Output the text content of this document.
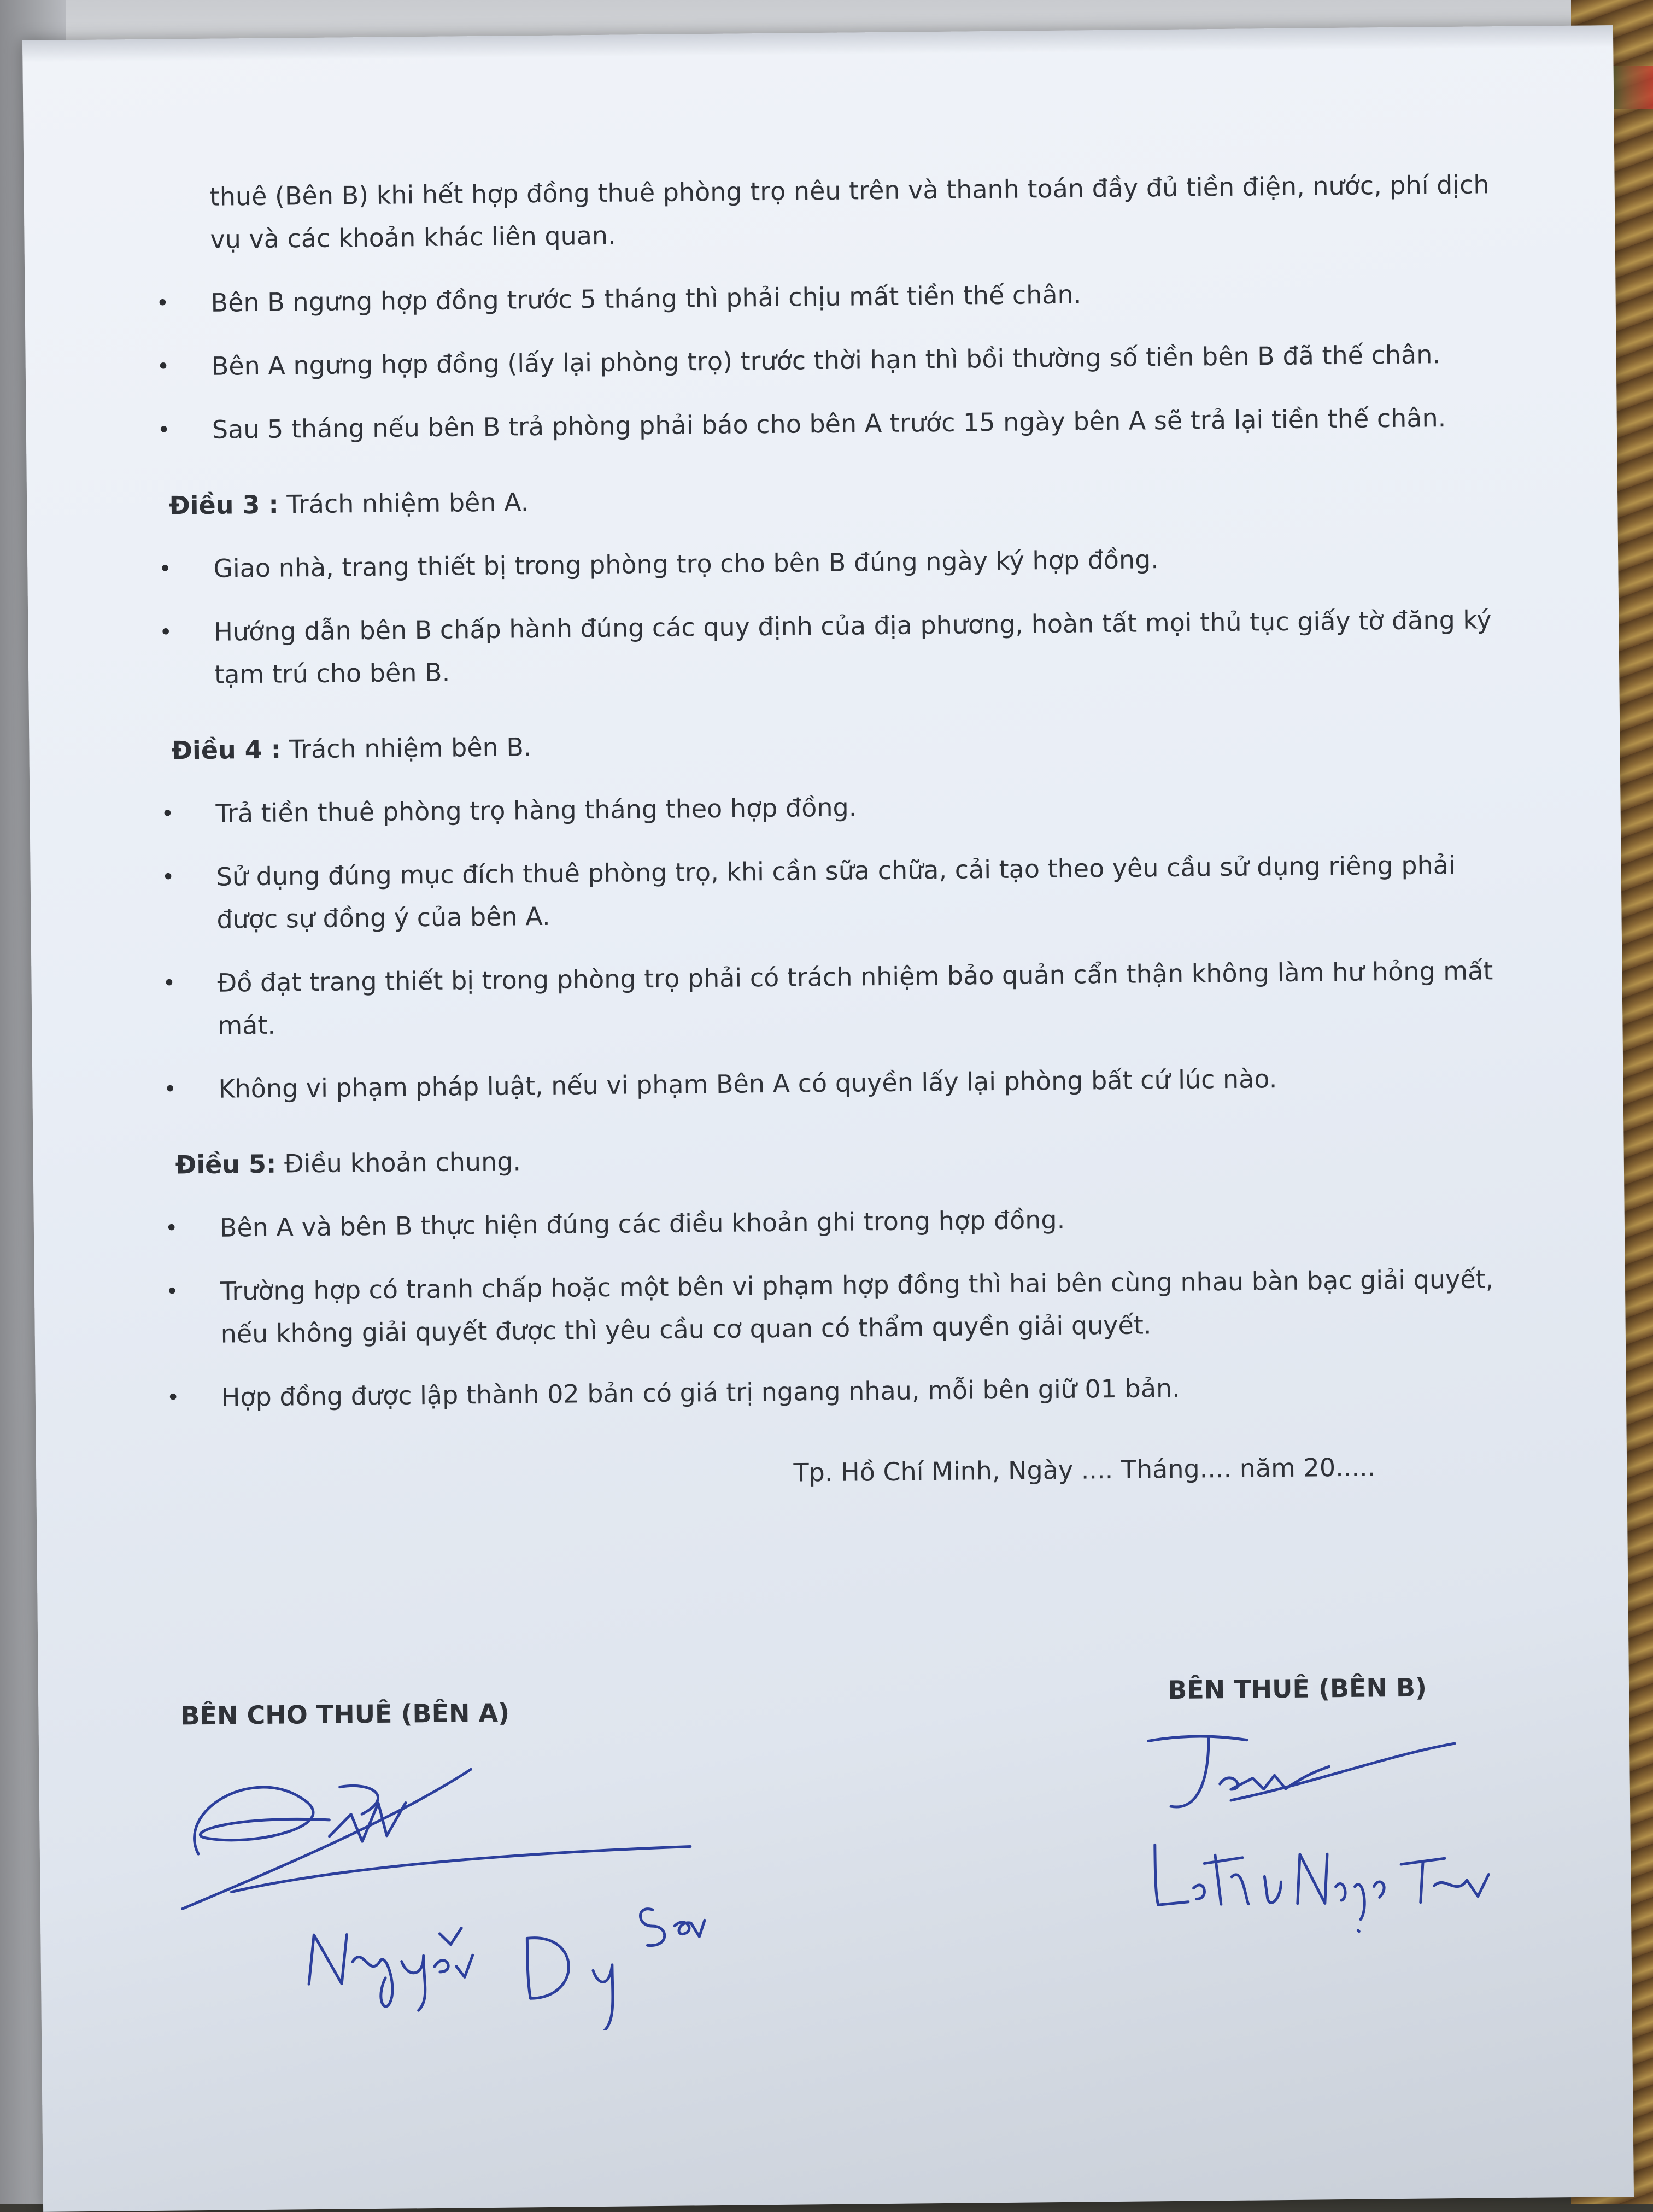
thuê (Bên B) khi hết hợp đồng thuê phòng trọ nêu trên và thanh toán đầy đủ tiền điện, nước, phí dịch vụ và các khoản khác liên quan.

• Bên B ngưng hợp đồng trước 5 tháng thì phải chịu mất tiền thế chân.
• Bên A ngưng hợp đồng (lấy lại phòng trọ) trước thời hạn thì bồi thường số tiền bên B đã thế chân.
• Sau 5 tháng nếu bên B trả phòng phải báo cho bên A trước 15 ngày bên A sẽ trả lại tiền thế chân.

Điều 3 : Trách nhiệm bên A.

• Giao nhà, trang thiết bị trong phòng trọ cho bên B đúng ngày ký hợp đồng.
• Hướng dẫn bên B chấp hành đúng các quy định của địa phương, hoàn tất mọi thủ tục giấy tờ đăng ký tạm trú cho bên B.

Điều 4 : Trách nhiệm bên B.

• Trả tiền thuê phòng trọ hàng tháng theo hợp đồng.
• Sử dụng đúng mục đích thuê phòng trọ, khi cần sữa chữa, cải tạo theo yêu cầu sử dụng riêng phải được sự đồng ý của bên A.
• Đồ đạt trang thiết bị trong phòng trọ phải có trách nhiệm bảo quản cẩn thận không làm hư hỏng mất mát.
• Không vi phạm pháp luật, nếu vi phạm Bên A có quyền lấy lại phòng bất cứ lúc nào.

Điều 5: Điều khoản chung.

• Bên A và bên B thực hiện đúng các điều khoản ghi trong hợp đồng.
• Trường hợp có tranh chấp hoặc một bên vi phạm hợp đồng thì hai bên cùng nhau bàn bạc giải quyết, nếu không giải quyết được thì yêu cầu cơ quan có thẩm quyền giải quyết.
• Hợp đồng được lập thành 02 bản có giá trị ngang nhau, mỗi bên giữ 01 bản.

Tp. Hồ Chí Minh, Ngày .... Tháng.... năm 20.....

BÊN CHO THUÊ (BÊN A)
BÊN THUÊ (BÊN B)
